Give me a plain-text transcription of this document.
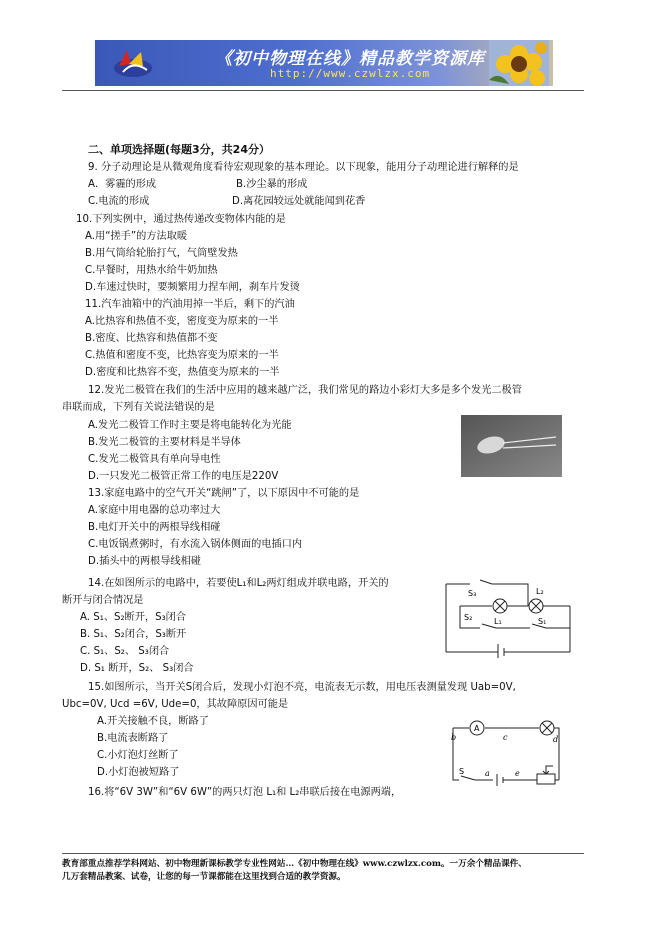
《初中物理在线》精品教学资源库
http://www.czwlzx.com
二、单项选择题(每题3分，共24分）
9. 分子动理论是从微观角度看待宏观现象的基本理论。以下现象，能用分子动理论进行解释的是
A．雾霾的形成	B.沙尘暴的形成
C.电流的形成	D.离花园较远处就能闻到花香
10.下列实例中，通过热传递改变物体内能的是
A.用“搓手”的方法取暖
B.用气筒给轮胎打气，气筒壁发热
C.早餐时，用热水给牛奶加热
D.车速过快时，要频繁用力捏车闸，刹车片发烫
11.汽车油箱中的汽油用掉一半后，剩下的汽油
A.比热容和热值不变，密度变为原来的一半
B.密度、比热容和热值都不变
C.热值和密度不变，比热容变为原来的一半
D.密度和比热容不变，热值变为原来的一半
12.发光二极管在我们的生活中应用的越来越广泛，我们常见的路边小彩灯大多是多个发光二极管
串联而成，下列有关说法错误的是
A.发光二极管工作时主要是将电能转化为光能
B.发光二极管的主要材料是半导体
C.发光二极管具有单向导电性
D.一只发光二极管正常工作的电压是220V
13.家庭电路中的空气开关“跳闸”了，以下原因中不可能的是
A.家庭中用电器的总功率过大
B.电灯开关中的两根导线相碰
C.电饭锅煮粥时，有水流入锅体侧面的电插口内
D.插头中的两根导线相碰
14.在如图所示的电路中，若要使L₁和L₂两灯组成并联电路，开关的
断开与闭合情况是
A. S₁、S₂断开，S₃闭合
B. S₁、S₂闭合，S₃断开
C. S₁、S₂、 S₃闭合
D. S₁ 断开，S₂、 S₃闭合
15.如图所示，当开关S闭合后，发现小灯泡不亮，电流表无示数，用电压表测量发现 Uab=0V,
Ubc=0V, Ucd =6V, Ude=0，其故障原因可能是
A.开关接触不良，断路了
B.电流表断路了
C.小灯泡灯丝断了
D.小灯泡被短路了
16.将“6V 3W”和“6V 6W”的两只灯泡 L₁和 L₂串联后接在电源两端，
S₃
S₂	S₁
L₁
L₂
A
b	c	d
a	e
S
教育部重点推荐学科网站、初中物理新课标教学专业性网站…《初中物理在线》www.czwlzx.com。一万余个精品课件、
几万套精品教案、试卷，让您的每一节课都能在这里找到合适的教学资源。
